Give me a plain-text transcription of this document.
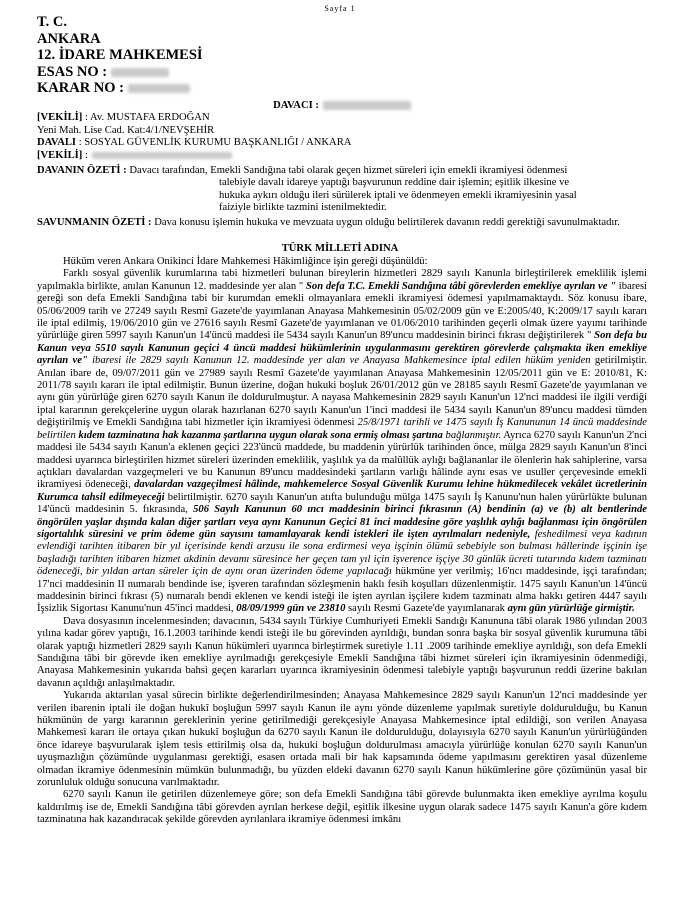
Sayfa 1
T. C.
ANKARA
12. İDARE MAHKEMESİ
ESAS NO :
KARAR NO :
DAVACI :
[VEKİLİ] : Av. MUSTAFA ERDOĞAN
Yeni Mah. Lise Cad. Kat:4/1/NEVŞEHİR
DAVALI : SOSYAL GÜVENLİK KURUMU BAŞKANLIĞI / ANKARA
[VEKİLİ] :
DAVANIN ÖZETİ : Davacı tarafından, Emekli Sandığına tabi olarak geçen hizmet süreleri için emekli ikramiyesi ödenmesi
talebiyle davalı idareye yaptığı başvurunun reddine dair işlemin; eşitlik ilkesine ve
hukuka aykırı olduğu ileri sürülerek iptali ve ödenmeyen emekli ikramiyesinin yasal
faiziyle birlikte tazmini istenilmektedir.
SAVUNMANIN ÖZETİ : Dava konusu işlemin hukuka ve mevzuata uygun olduğu belirtilerek davanın reddi gerektiği savunulmaktadır.
TÜRK MİLLETİ ADINA

Hüküm veren Ankara Onikinci İdare Mahkemesi Hâkimliğince işin gereği düşünüldü:

Farklı sosyal güvenlik kurumlarına tabi hizmetleri bulunan bireylerin hizmetleri 2829 sayılı Kanunla birleştirilerek emeklilik işlemi yapılmakla birlikte, anılan Kanunun 12. maddesinde yer alan " Son defa T.C. Emekli Sandığına tâbi görevlerden emekliye ayrılan ve " ibaresi gereği son defa Emekli Sandığına tabi bir kurumdan emekli olmayanlara emekli ikramiyesi ödemesi yapılmamaktaydı. Söz konusu ibare, 05/06/2009 tarih ve 27249 sayılı Resmî Gazete'de yayımlanan Anayasa Mahkemesinin 05/02/2009 gün ve E:2005/40, K:2009/17 sayılı kararı ile iptal edilmiş, 19/06/2010 gün ve 27616 sayılı Resmî Gazete'de yayımlanan ve 01/06/2010 tarihinden geçerli olmak üzere yayımı tarihinde yürürlüğe giren 5997 sayılı Kanun'un 14'üncü maddesi ile 5434 sayılı Kanun'un 89'uncu maddesinin birinci fıkrası değiştirilerek " Son defa bu Kanun veya 5510 sayılı Kanunun geçici 4 üncü maddesi hükümlerinin uygulanmasını gerektiren görevlerde çalışmakta iken emekliye ayrılan ve" ibaresi ile 2829 sayılı Kanunun 12. maddesinde yer alan ve Anayasa Mahkemesince iptal edilen hüküm yeniden getirilmiştir. Anılan ibare de, 09/07/2011 gün ve 27989 sayılı Resmî Gazete'de yayımlanan Anayasa Mahkemesinin 12/05/2011 gün ve E: 2010/81, K: 2011/78 sayılı kararı ile iptal edilmiştir. Bunun üzerine, doğan hukuki boşluk 26/01/2012 gün ve 28185 sayılı Resmî Gazete'de yayımlanan ve aynı gün yürürlüğe giren 6270 sayılı Kanun ile doldurulmuştur. A nayasa Mahkemesinin 2829 sayılı Kanun'un 12'nci maddesi ile ilgili verdiği iptal kararının gerekçelerine uygun olarak hazırlanan 6270 sayılı Kanun'un 1'inci maddesi ile 5434 sayılı Kanun'un 89'uncu maddesi tümden değiştirilmiş ve Emekli Sandığına tabi hizmetler için ikramiyesi ödenmesi 25/8/1971 tarihli ve 1475 sayılı İş Kanununun 14 üncü maddesinde belirtilen kıdem tazminatına hak kazanma şartlarına uygun olarak sona ermiş olması şartına bağlanmıştır. Ayrıca 6270 sayılı Kanun'un 2'nci maddesi ile 5434 sayılı Kanun'a eklenen geçici 223'üncü maddede, bu maddenin yürürlük tarihinden önce, mülga 2829 sayılı Kanun'un 8'inci maddesi uyarınca birleştirilen hizmet süreleri üzerinden emeklilik, yaşlılık ya da malûllük aylığı bağlananlar ile ölenlerin hak sahiplerine, varsa açtıkları davalardan vazgeçmeleri ve bu Kanunun 89'uncu maddesindeki şartların varlığı hâlinde aynı esas ve usuller çerçevesinde emekli ikramiyesi ödeneceği, davalardan vazgeçilmesi hâlinde, mahkemelerce Sosyal Güvenlik Kurumu lehine hükmedilecek vekâlet ücretlerinin Kurumca tahsil edilmeyeceği belirtilmiştir. 6270 sayılı Kanun'un atıfta bulunduğu mülga 1475 sayılı İş Kanunu'nun halen yürürlükte bulunan 14'üncü maddesinin 5. fıkrasında, 506 Sayılı Kanunun 60 ıncı maddesinin birinci fıkrasının (A) bendinin (a) ve (b) alt bentlerinde öngörülen yaşlar dışında kalan diğer şartları veya aynı Kanunun Geçici 81 inci maddesine göre yaşlılık aylığı bağlanması için öngörülen sigortalılık süresini ve prim ödeme gün sayısını tamamlayarak kendi istekleri ile işten ayrılmaları nedeniyle, feshedilmesi veya kadının evlendiği tarihten itibaren bir yıl içerisinde kendi arzusu ile sona erdirmesi veya işçinin ölümü sebebiyle son bulması hâllerinde işçinin işe başladığı tarihten itibaren hizmet akdinin devamı süresince her geçen tam yıl için işverence işçiye 30 günlük ücreti tutarında kıdem tazminatı ödeneceği, bir yıldan artan süreler için de aynı oran üzerinden ödeme yapılacağı hükmüne yer verilmiş; 16'ncı maddesinde, işçi tarafından; 17'nci maddesinin II numaralı bendinde ise, işveren tarafından sözleşmenin haklı fesih koşulları düzenlenmiştir. 1475 sayılı Kanun'un 14'üncü maddesinin birinci fıkrası (5) numaralı bendi eklenen ve kendi isteği ile işten ayrılan işçilere kıdem tazminatı alma hakkı getiren 4447 sayılı İşsizlik Sigortası Kanunu'nun 45'inci maddesi, 08/09/1999 gün ve 23810 sayılı Resmi Gazete'de yayımlanarak aynı gün yürürlüğe girmiştir.

Dava dosyasının incelenmesinden; davacının, 5434 sayılı Türkiye Cumhuriyeti Emekli Sandığı Kanununa tâbi olarak 1986 yılından 2003 yılına kadar görev yaptığı, 16.1.2003 tarihinde kendi isteği ile bu görevinden ayrıldığı, bundan sonra başka bir sosyal güvenlik kurumuna tâbi olarak yaptığı hizmetleri 2829 sayılı Kanun hükümleri uyarınca birleştirmek suretiyle 1.11 .2009 tarihinde emekliye ayrıldığı, son defa Emekli Sandığına tâbi bir görevde iken emekliye ayrılmadığı gerekçesiyle Emekli Sandığına tâbi hizmet süreleri için ikramiyesinin ödenmediği, Anayasa Mahkemesinin yukarıda bahsi geçen kararları uyarınca ikramiyesinin ödenmesi talebiyle yaptığı başvurunun reddi üzerine bakılan davanın açıldığı anlaşılmaktadır.

Yukarıda aktarılan yasal sürecin birlikte değerlendirilmesinden; Anayasa Mahkemesince 2829 sayılı Kanun'un 12'nci maddesinde yer verilen ibarenin iptali ile doğan hukukî boşluğun 5997 sayılı Kanun ile aynı yönde düzenleme yapılmak suretiyle doldurulduğu, bu Kanun hükmünün de yargı kararının gereklerinin yerine getirilmediği gerekçesiyle Anayasa Mahkemesince iptal edildiği, son verilen Anayasa Mahkemesi kararı ile ortaya çıkan hukukî boşluğun da 6270 sayılı Kanun ile doldurulduğu, dolayısıyla 6270 sayılı Kanun'un yürürlüğünden önce idareye başvurularak işlem tesis ettirilmiş olsa da, hukuki boşluğun doldurulması amacıyla yürürlüğe konulan 6270 sayılı Kanun'un uyuşmazlığın çözümünde uygulanması gerektiği, esasen ortada mali bir hak kapsamında ödeme yapılmasını gerektiren yasal düzenleme olmadan ikramiye ödenmesinin mümkün bulunmadığı, bu yüzden eldeki davanın 6270 sayılı Kanun hükümlerine göre çözümünün yasal bir zorunluluk olduğu sonucuna varılmaktadır.

6270 sayılı Kanun ile getirilen düzenlemeye göre; son defa Emekli Sandığına tâbi görevde bulunmakta iken emekliye ayrılma koşulu kaldırılmış ise de, Emekli Sandığına tâbi görevden ayrılan herkese değil, eşitlik ilkesine uygun olarak sadece 1475 sayılı Kanun'a göre kıdem tazminatına hak kazandıracak şekilde görevden ayrılanlara ikramiye ödenmesi imkânı
